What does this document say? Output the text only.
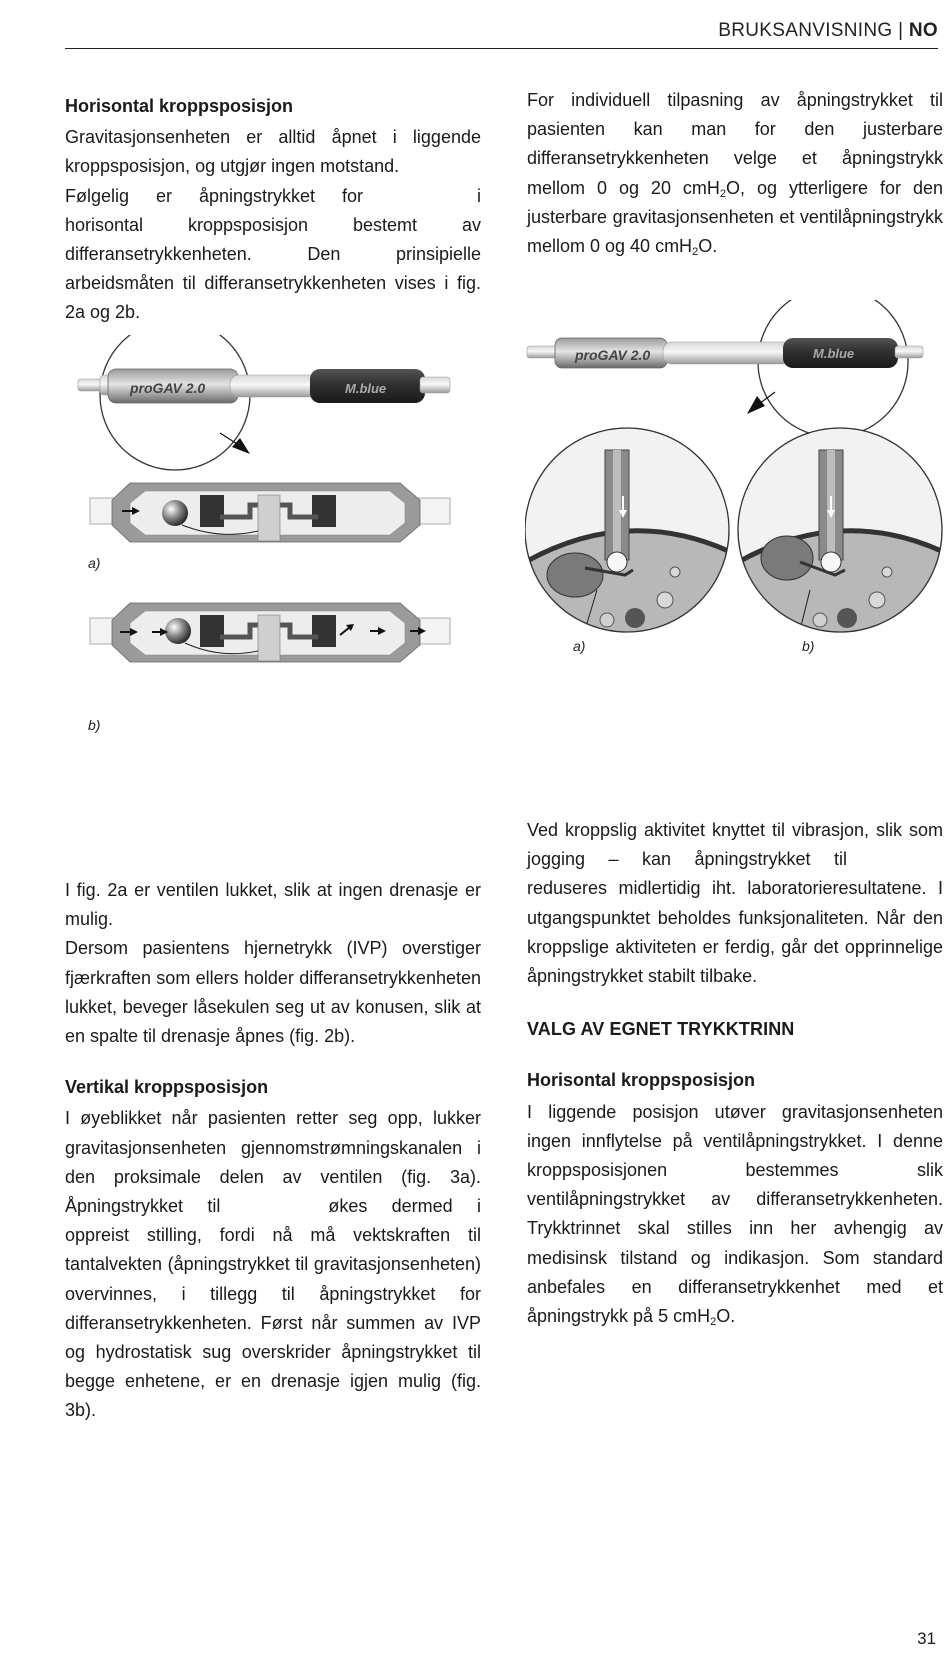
BRUKSANVISNING | NO

Horisontal kroppsposisjon

Gravitasjonsenheten er alltid åpnet i liggende kroppsposisjon, og utgjør ingen motstand.

Følgelig er åpningstrykket for	i horisontal kroppsposisjon bestemt av differansetrykkenheten. Den prinsipielle arbeidsmåten til differansetrykkenheten vises i fig. 2a og 2b.

For individuell tilpasning av åpningstrykket til pasienten kan man for den justerbare differansetrykkenheten velge et åpningstrykk mellom 0 og 20 cmH$_2$O, og ytterligere for den justerbare gravitasjonsenheten et ventilåpningstrykk mellom 0 og 40 cmH$_2$O.

proGAV 2.0	M.blue
a)
b)
proGAV 2.0	M.blue
a)	b)

I fig. 2a er ventilen lukket, slik at ingen drenasje er mulig.

Dersom pasientens hjernetrykk (IVP) overstiger fjærkraften som ellers holder differansetrykkenheten lukket, beveger låsekulen seg ut av konusen, slik at en spalte til drenasje åpnes (fig. 2b).

Vertikal kroppsposisjon

I øyeblikket når pasienten retter seg opp, lukker gravitasjonsenheten gjennomstrømningskanalen i den proksimale delen av ventilen (fig. 3a). Åpningstrykket til	økes dermed i oppreist stilling, fordi nå må vektskraften til tantalvekten (åpningstrykket til gravitasjonsenheten) overvinnes, i tillegg til åpningstrykket for differansetrykkenheten. Først når summen av IVP og hydrostatisk sug overskrider åpningstrykket til begge enhetene, er en drenasje igjen mulig (fig. 3b).

Ved kroppslig aktivitet knyttet til vibrasjon, slik som jogging – kan åpningstrykket tilreduseres midlertidig iht. laboratorieresultatene. I utgangspunktet beholdes funksjonaliteten. Når den kroppslige aktiviteten er ferdig, går det opprinnelige åpningstrykket stabilt tilbake.

VALG AV EGNET TRYKKTRINN

Horisontal kroppsposisjon

I liggende posisjon utøver gravitasjonsenheten ingen innflytelse på ventilåpningstrykket. I denne kroppsposisjonen bestemmes slik ventilåpningstrykket av differansetrykkenheten. Trykktrinnet skal stilles inn her avhengig av medisinsk tilstand og indikasjon. Som standard anbefales en differansetrykkenhet med et åpningstrykk på 5 cmH$_2$O.

31
